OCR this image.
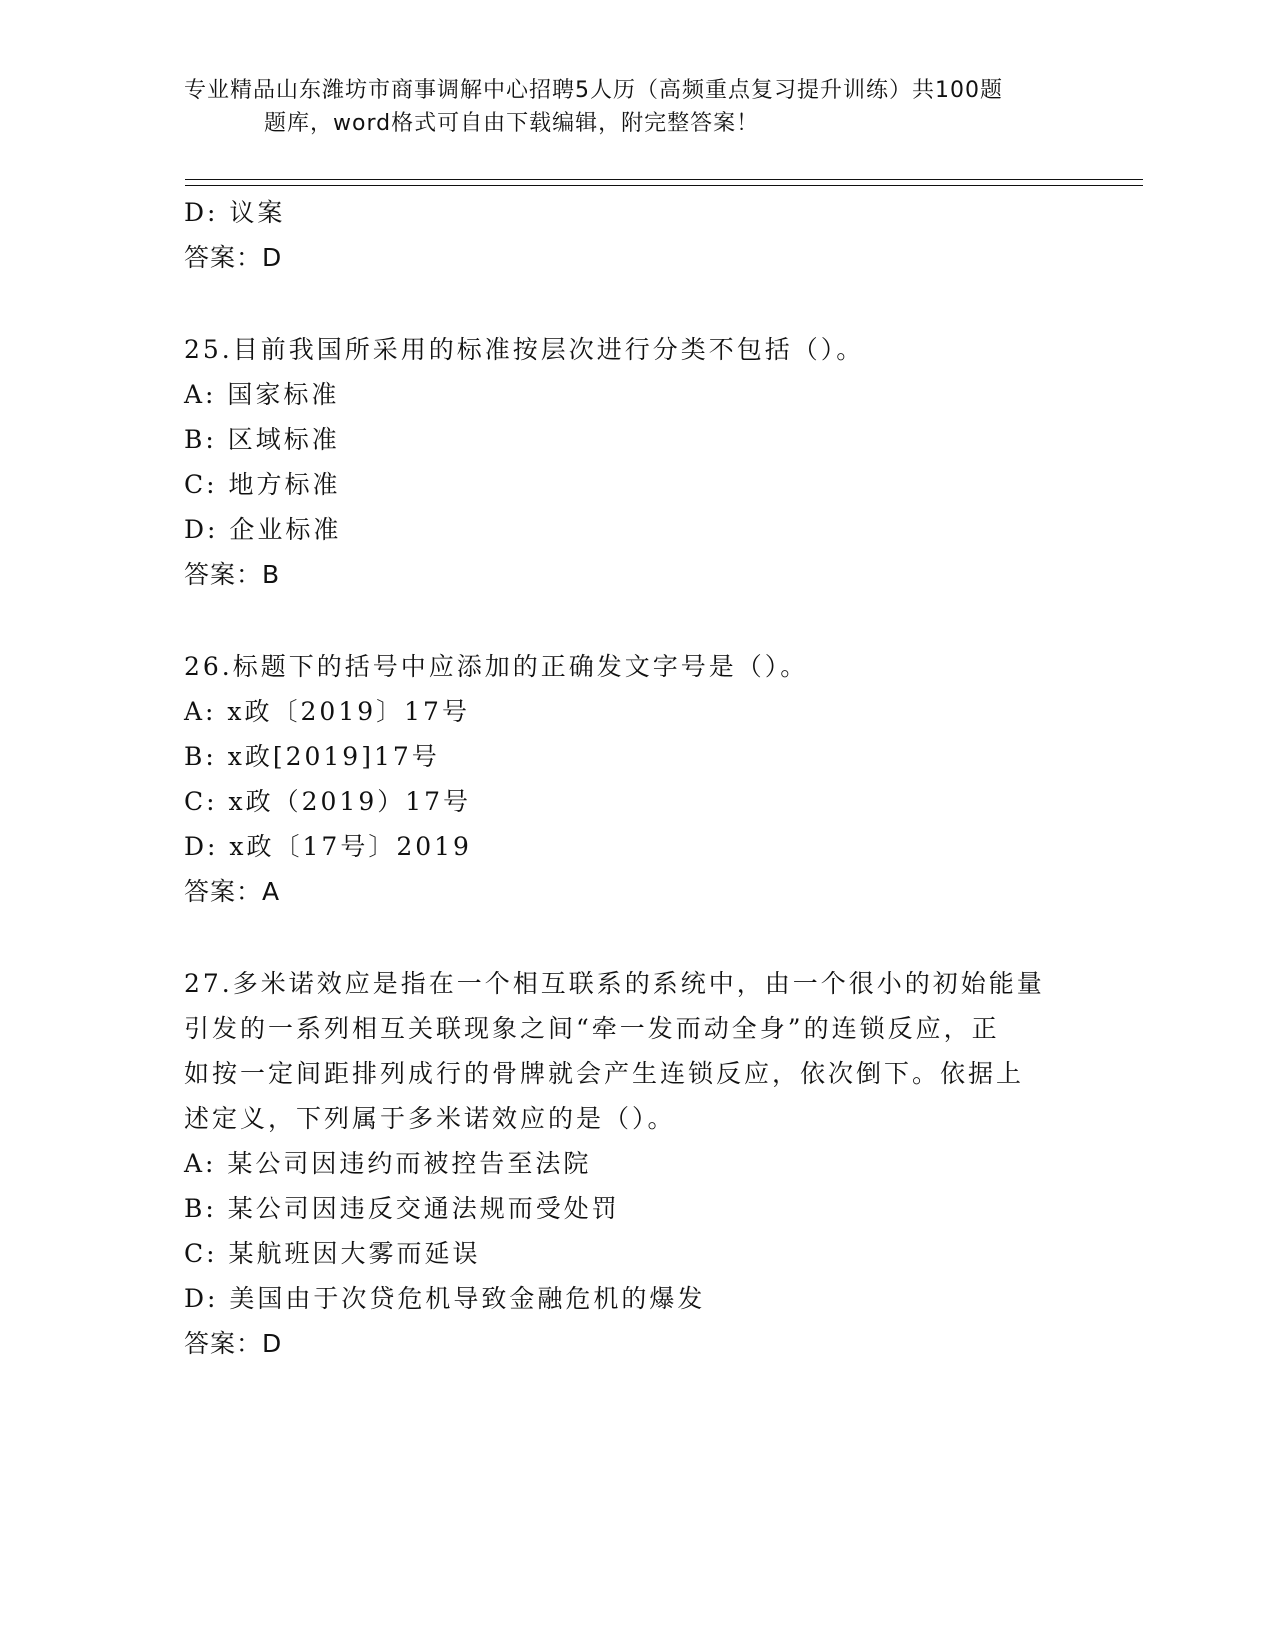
专业精品山东潍坊市商事调解中心招聘5人历（高频重点复习提升训练）共100题
题库，word格式可自由下载编辑，附完整答案！
D: 议案
答案：D
25.目前我国所采用的标准按层次进行分类不包括（）。
A: 国家标准
B: 区域标准
C: 地方标准
D: 企业标准
答案：B
26.标题下的括号中应添加的正确发文字号是（）。
A: x政〔2019〕17号
B: x政[2019]17号
C: x政（2019）17号
D: x政〔17号〕2019
答案：A
27.多米诺效应是指在一个相互联系的系统中，由一个很小的初始能量
引发的一系列相互关联现象之间“牵一发而动全身”的连锁反应，正
如按一定间距排列成行的骨牌就会产生连锁反应，依次倒下。依据上
述定义，下列属于多米诺效应的是（）。
A: 某公司因违约而被控告至法院
B: 某公司因违反交通法规而受处罚
C: 某航班因大雾而延误
D: 美国由于次贷危机导致金融危机的爆发
答案：D
